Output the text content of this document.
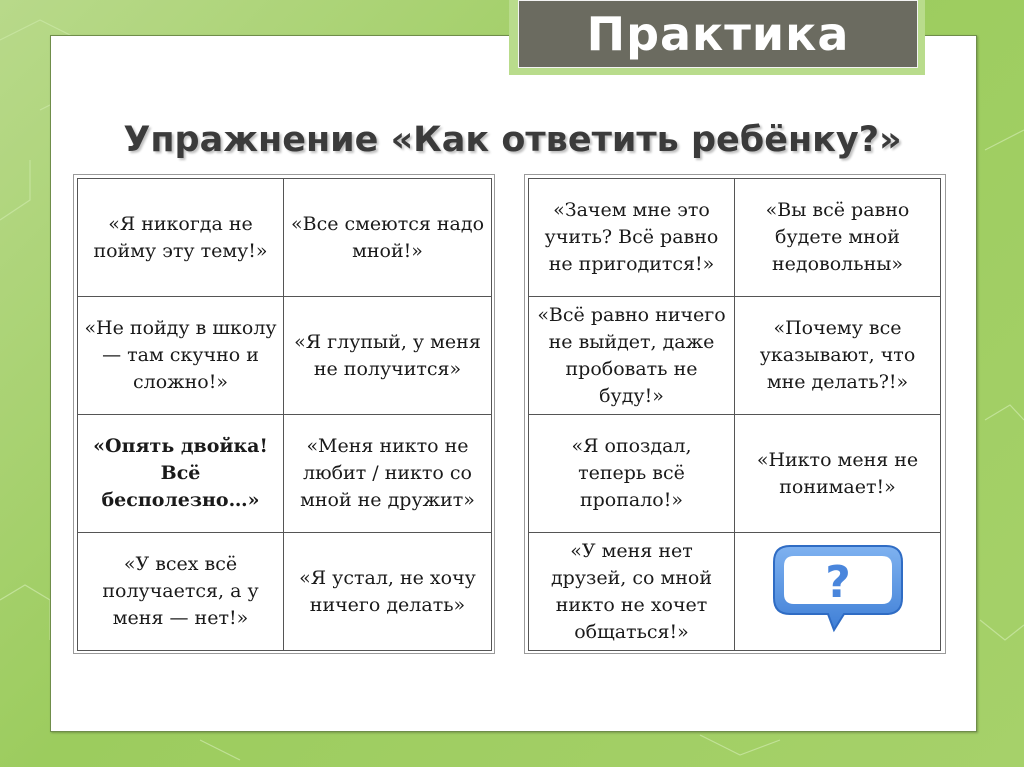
Практика
Упражнение «Как ответить ребёнку?»
«Я никогда не пойму эту тему!»	«Все смеются надо мной!»
«Не пойду в школу — там скучно и сложно!»	«Я глупый, у меня не получится»
«Опять двойка! Всё бесполезно…»	«Меня никто не любит / никто со мной не дружит»
«У всех всё получается, а у меня — нет!»	«Я устал, не хочу ничего делать»
«Зачем мне это учить? Всё равно не пригодится!»	«Вы всё равно будете мной недовольны»
«Всё равно ничего не выйдет, даже пробовать не буду!»	«Почему все указывают, что мне делать?!»
«Я опоздал, теперь всё пропало!»	«Никто меня не понимает!»
«У меня нет друзей, со мной никто не хочет общаться!»	?
